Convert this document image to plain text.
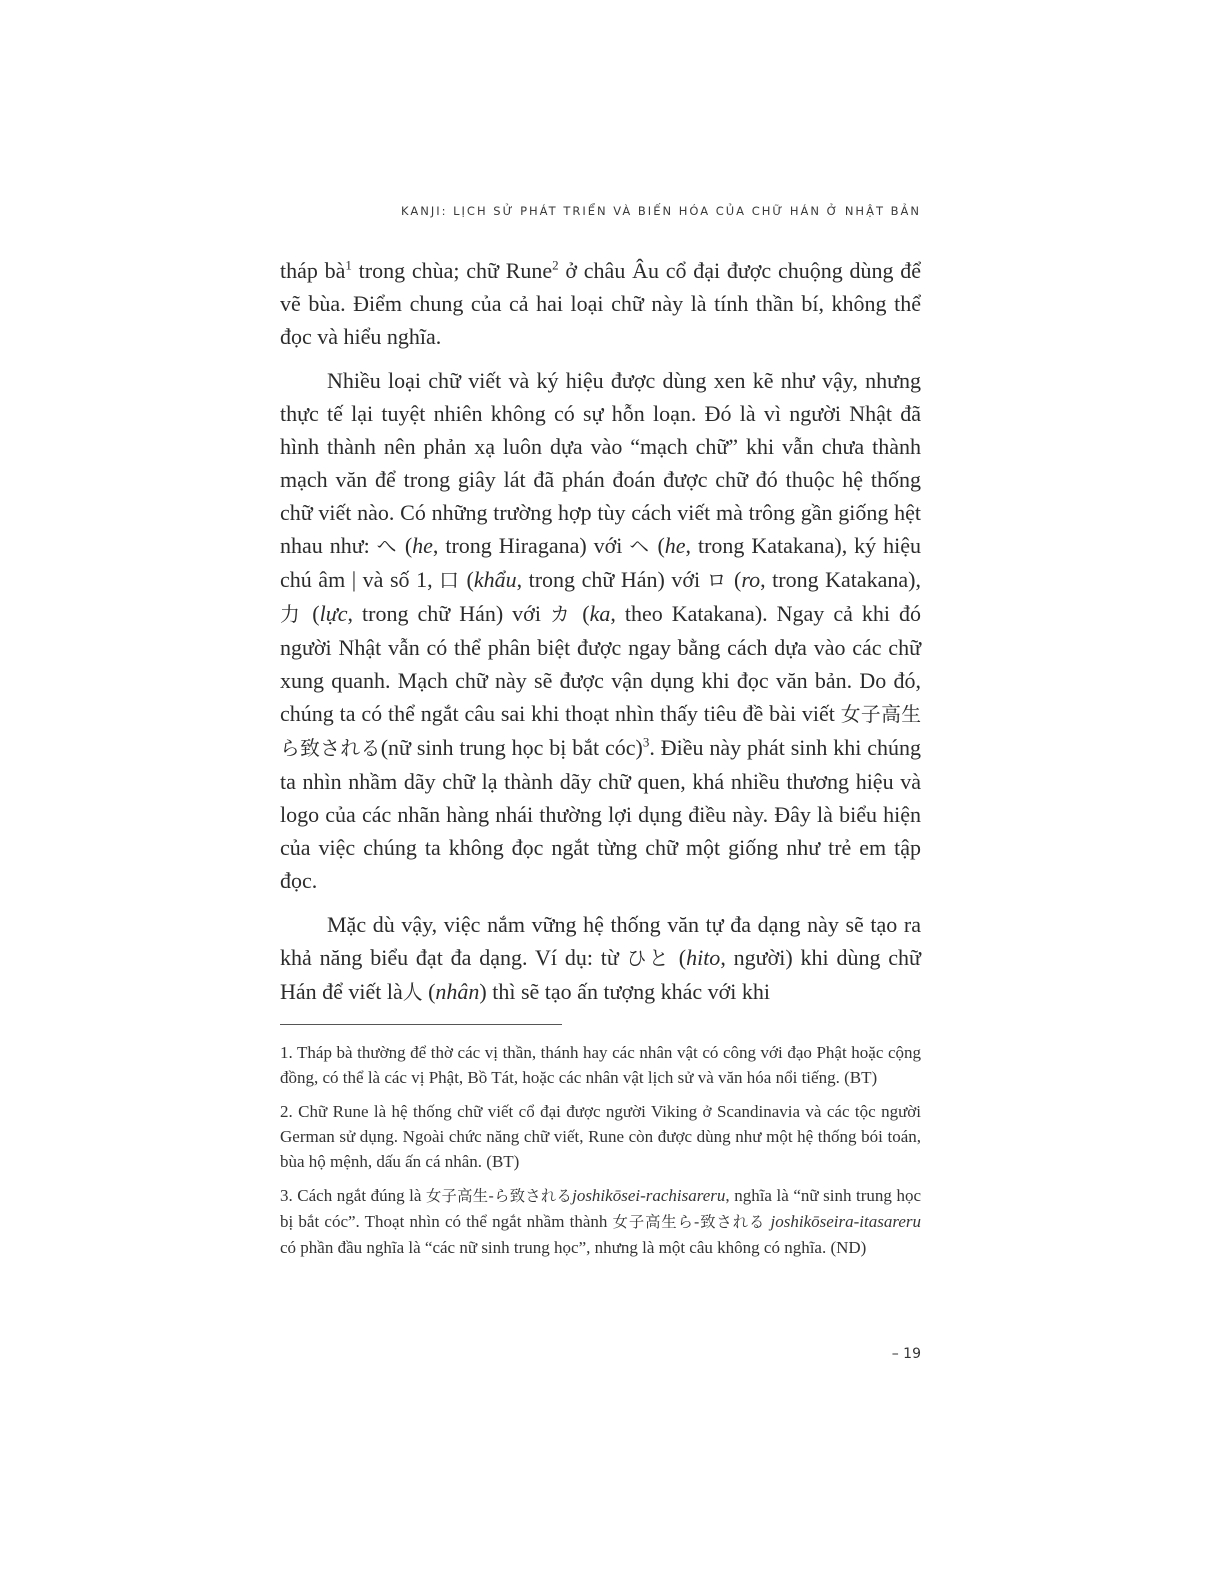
KANJI: LỊCH SỬ PHÁT TRIỂN VÀ BIẾN HÓA CỦA CHỮ HÁN Ở NHẬT BẢN

tháp $bà^1$ trong chùa; chữ Rune$^2$ ở châu Âu cổ đại được chuộng dùng để vẽ bùa. Điểm chung của cả hai loại chữ này là tính thần bí, không thể đọc và hiểu nghĩa.

Nhiều loại chữ viết và ký hiệu được dùng xen kẽ như vậy, nhưng thực tế lại tuyệt nhiên không có sự hỗn loạn. Đó là vì người Nhật đã hình thành nên phản xạ luôn dựa vào “mạch chữ” khi vẫn chưa thành mạch văn để trong giây lát đã phán đoán được chữ đó thuộc hệ thống chữ viết nào. Có những trường hợp tùy cách viết mà trông gần giống hệt nhau như: へ (he, trong Hiragana) với ヘ (he, trong Katakana), ký hiệu chú âm | và số 1, 口 (khẩu, trong chữ Hán) với ロ (ro, trong Katakana), 力 (lực, trong chữ Hán) với カ (ka, theo Katakana). Ngay cả khi đó người Nhật vẫn có thể phân biệt được ngay bằng cách dựa vào các chữ xung quanh. Mạch chữ này sẽ được vận dụng khi đọc văn bản. Do đó, chúng ta có thể ngắt câu sai khi thoạt nhìn thấy tiêu đề bài viết 女子高生ら致される(nữ sinh trung học bị bắt cóc)$^3$. Điều này phát sinh khi chúng ta nhìn nhầm dãy chữ lạ thành dãy chữ quen, khá nhiều thương hiệu và logo của các nhãn hàng nhái thường lợi dụng điều này. Đây là biểu hiện của việc chúng ta không đọc ngắt từng chữ một giống như trẻ em tập đọc.

Mặc dù vậy, việc nắm vững hệ thống văn tự đa dạng này sẽ tạo ra khả năng biểu đạt đa dạng. Ví dụ: từ ひと (hito, người) khi dùng chữ Hán để viết là人 (nhân) thì sẽ tạo ấn tượng khác với khi

1. Tháp bà thường để thờ các vị thần, thánh hay các nhân vật có công với đạo Phật hoặc cộng đồng, có thể là các vị Phật, Bồ Tát, hoặc các nhân vật lịch sử và văn hóa nổi tiếng. (BT)

2. Chữ Rune là hệ thống chữ viết cổ đại được người Viking ở Scandinavia và các tộc người German sử dụng. Ngoài chức năng chữ viết, Rune còn được dùng như một hệ thống bói toán, bùa hộ mệnh, dấu ấn cá nhân. (BT)

3. Cách ngắt đúng là 女子高生-ら致されるjoshikōsei-rachisareru, nghĩa là “nữ sinh trung học bị bắt cóc”. Thoạt nhìn có thể ngắt nhầm thành 女子高生ら-致される joshikōseira-itasareru có phần đầu nghĩa là “các nữ sinh trung học”, nhưng là một câu không có nghĩa. (ND)

– 19
